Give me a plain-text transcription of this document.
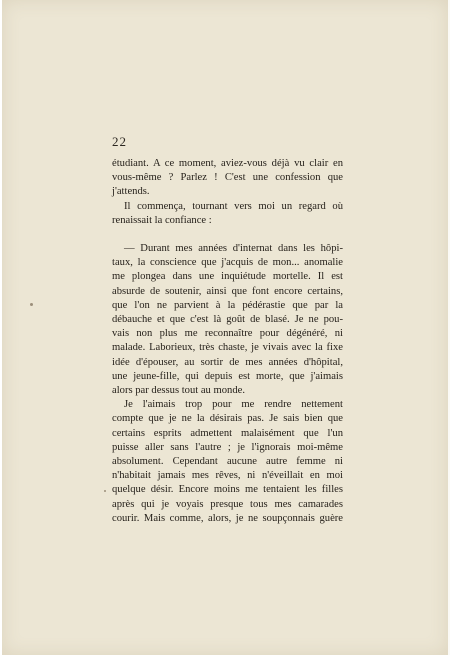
22

étudiant. A ce moment, aviez-vous déjà vu clair en
vous-même ? Parlez ! C'est une confession que
j'attends.

Il commença, tournant vers moi un regard où
renaissait la confiance :

— Durant mes années d'internat dans les hôpi-
taux, la conscience que j'acquis de mon... anomalie
me plongea dans une inquiétude mortelle. Il est
absurde de soutenir, ainsi que font encore certains,
que l'on ne parvient à la pédérastie que par la
débauche et que c'est là goût de blasé. Je ne pou-
vais non plus me reconnaître pour dégénéré, ni
malade. Laborieux, très chaste, je vivais avec la fixe
idée d'épouser, au sortir de mes années d'hôpital,
une jeune-fille, qui depuis est morte, que j'aimais
alors par dessus tout au monde.

Je l'aimais trop pour me rendre nettement
compte que je ne la désirais pas. Je sais bien que
certains esprits admettent malaisément que l'un
puisse aller sans l'autre ; je l'ignorais moi-même
absolument. Cependant aucune autre femme ni
n'habitait jamais mes rêves, ni n'éveillait en moi
quelque désir. Encore moins me tentaient les filles
après qui je voyais presque tous mes camarades
courir. Mais comme, alors, je ne soupçonnais guère
